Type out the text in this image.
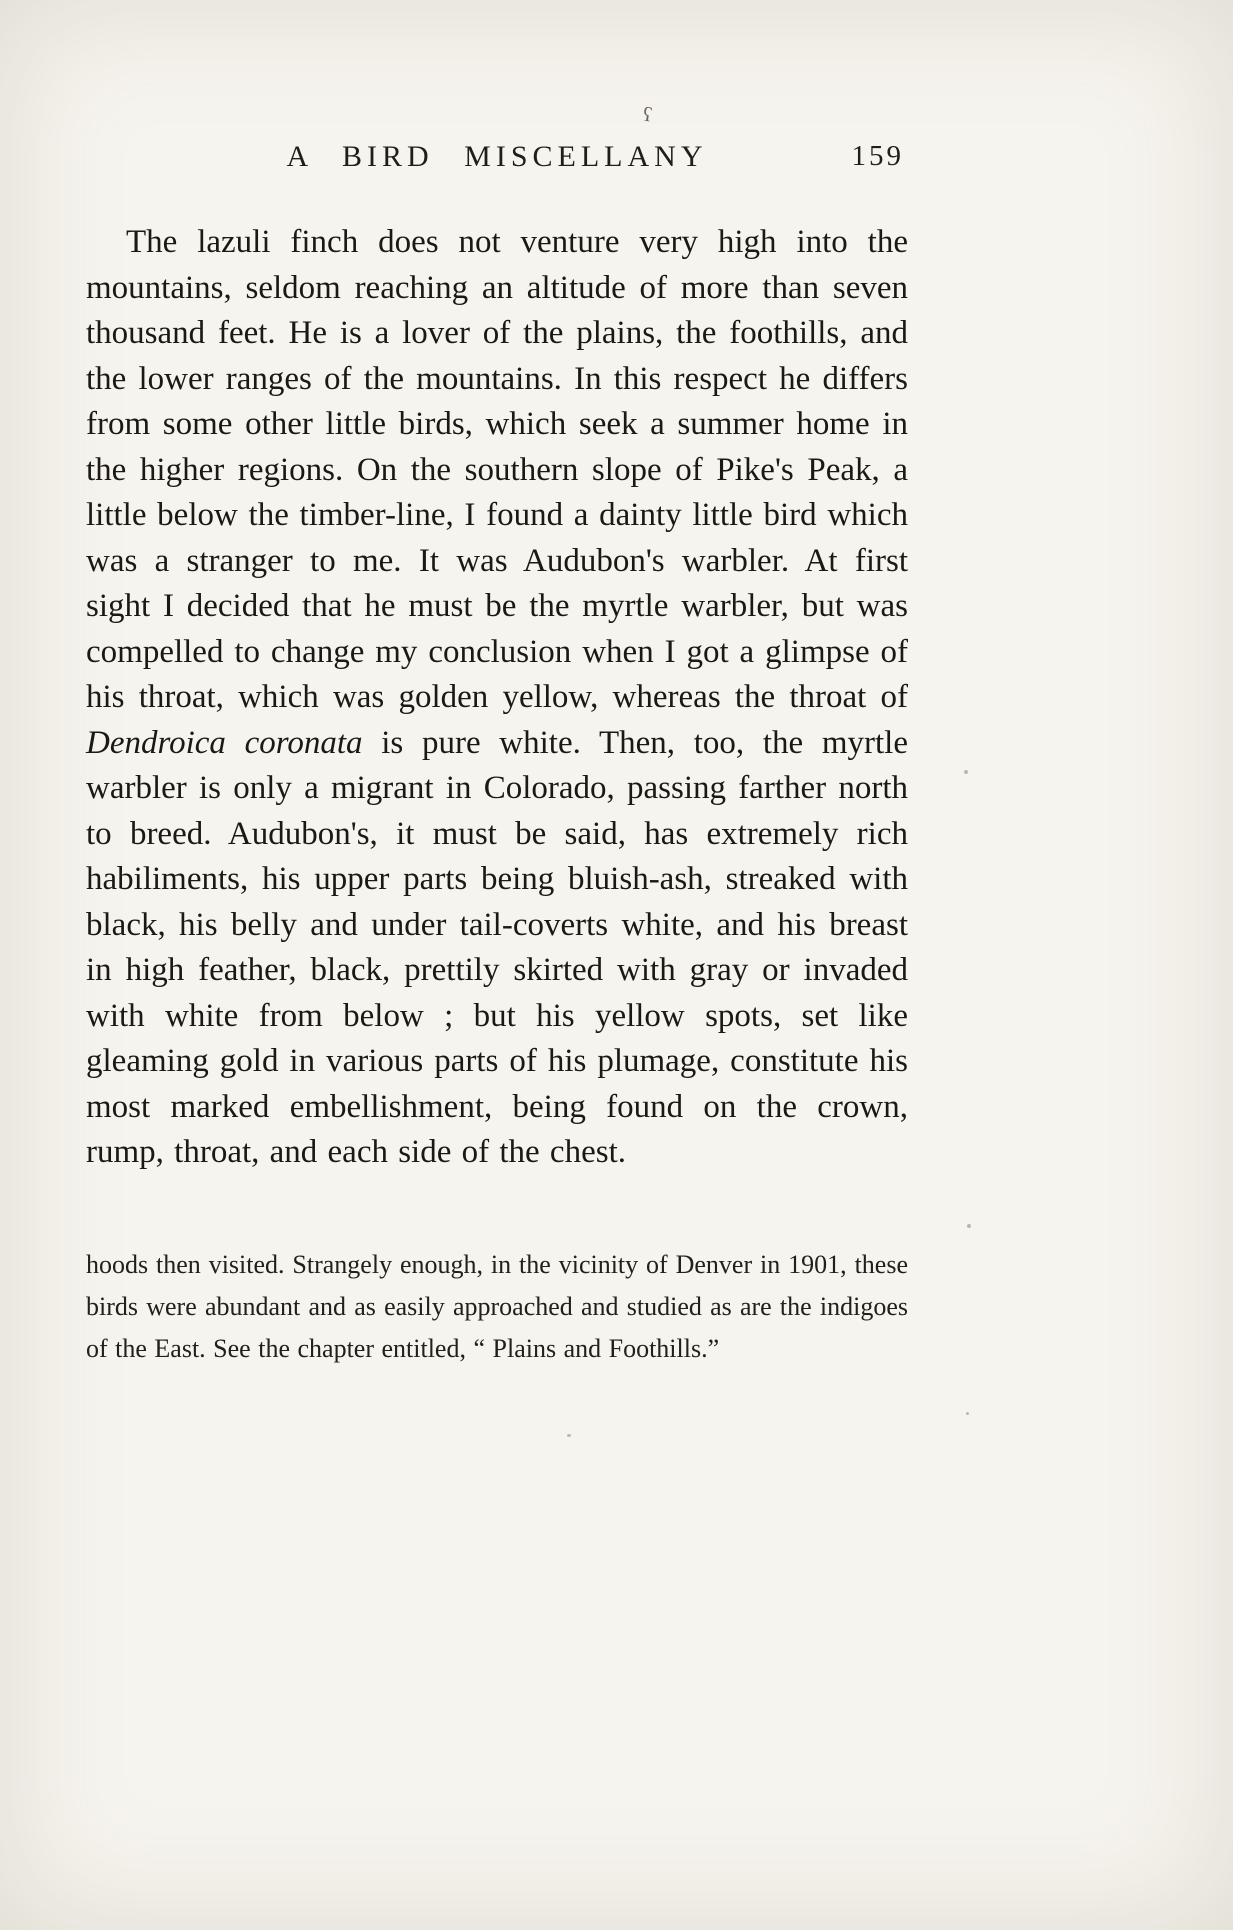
ʕ
A BIRD MISCELLANY	159

The lazuli finch does not venture very high into the mountains, seldom reaching an altitude of more than seven thousand feet. He is a lover of the plains, the foothills, and the lower ranges of the mountains. In this respect he differs from some other little birds, which seek a summer home in the higher regions. On the southern slope of Pike's Peak, a little below the timber-line, I found a dainty little bird which was a stranger to me. It was Audubon's warbler. At first sight I decided that he must be the myrtle warbler, but was compelled to change my conclusion when I got a glimpse of his throat, which was golden yellow, whereas the throat of Dendroica coronata is pure white. Then, too, the myrtle warbler is only a migrant in Colorado, passing farther north to breed. Audubon's, it must be said, has extremely rich habiliments, his upper parts being bluish-ash, streaked with black, his belly and under tail-coverts white, and his breast in high feather, black, prettily skirted with gray or invaded with white from below ; but his yellow spots, set like gleaming gold in various parts of his plumage, constitute his most marked embellishment, being found on the crown, rump, throat, and each side of the chest.

hoods then visited. Strangely enough, in the vicinity of Denver in 1901, these birds were abundant and as easily approached and studied as are the indigoes of the East. See the chapter entitled, “ Plains and Foothills.”
